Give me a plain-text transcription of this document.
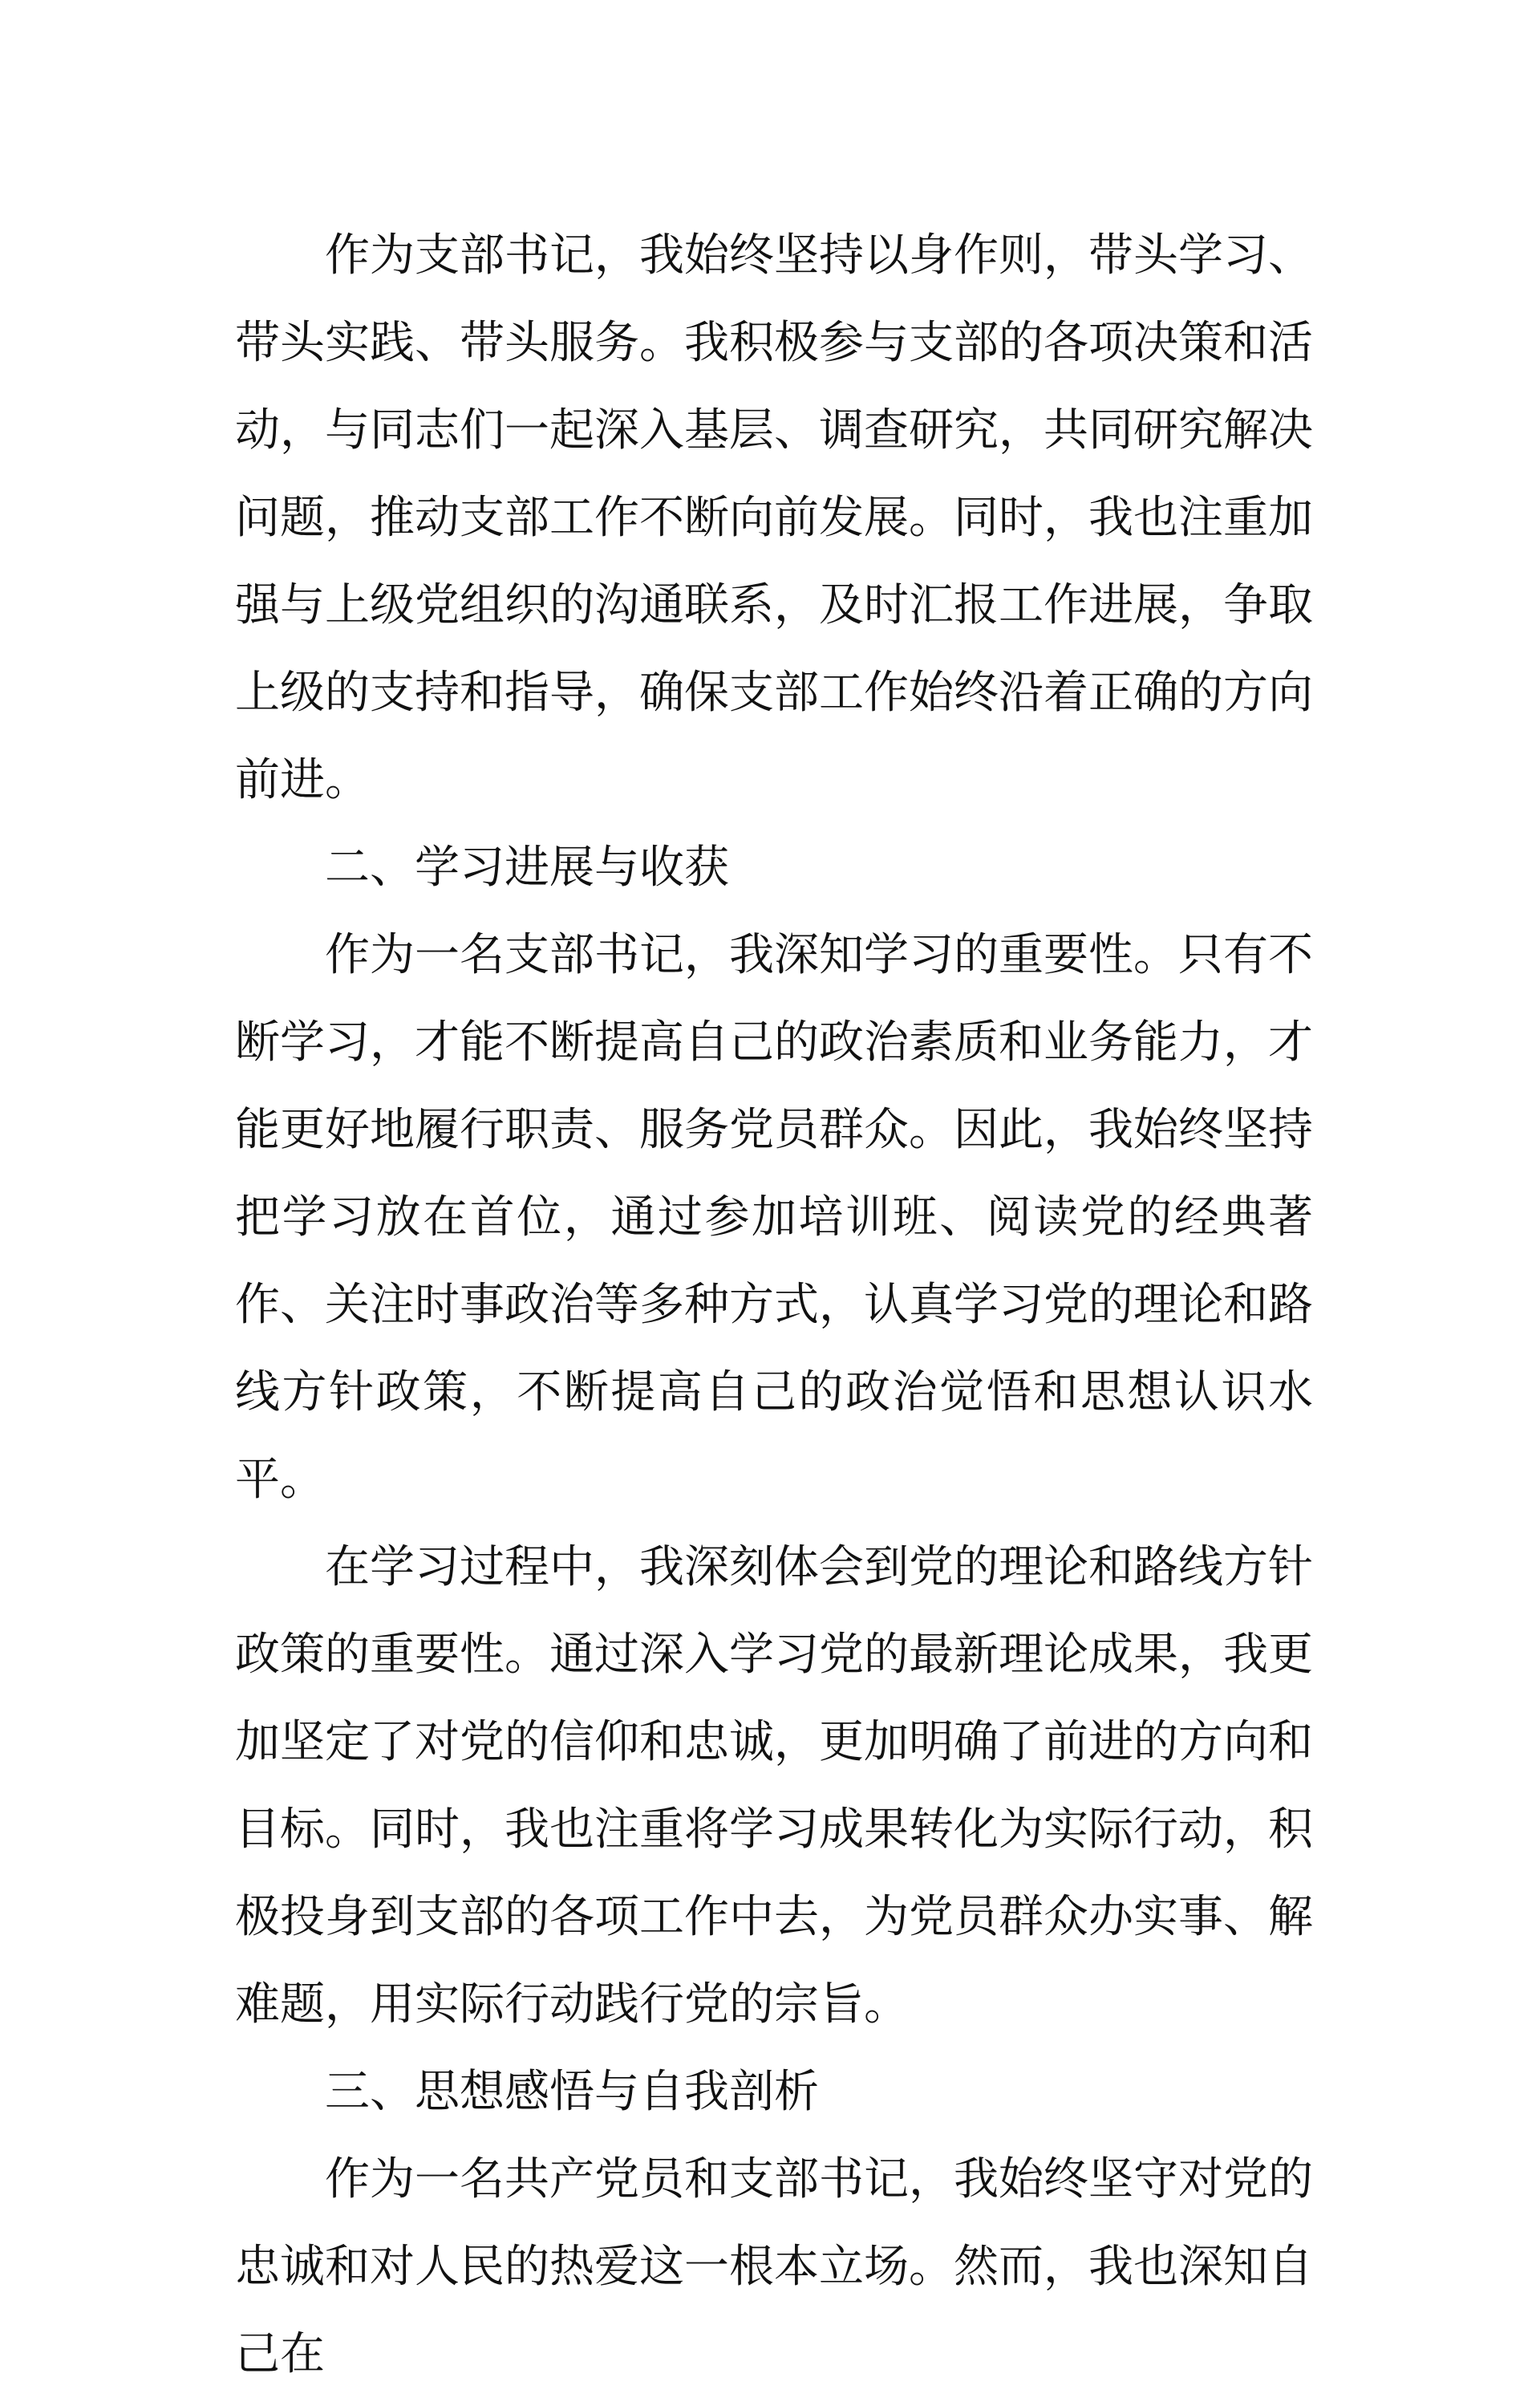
作为支部书记，我始终坚持以身作则，带头学习、带头实践、带头服务。我积极参与支部的各项决策和活动，与同志们一起深入基层、调查研究，共同研究解决问题，推动支部工作不断向前发展。同时，我也注重加强与上级党组织的沟通联系，及时汇报工作进展，争取上级的支持和指导，确保支部工作始终沿着正确的方向前进。

二、学习进展与收获

作为一名支部书记，我深知学习的重要性。只有不断学习，才能不断提高自己的政治素质和业务能力，才能更好地履行职责、服务党员群众。因此，我始终坚持把学习放在首位，通过参加培训班、阅读党的经典著作、关注时事政治等多种方式，认真学习党的理论和路线方针政策，不断提高自己的政治觉悟和思想认识水平。

在学习过程中，我深刻体会到党的理论和路线方针政策的重要性。通过深入学习党的最新理论成果，我更加坚定了对党的信仰和忠诚，更加明确了前进的方向和目标。同时，我也注重将学习成果转化为实际行动，积极投身到支部的各项工作中去，为党员群众办实事、解难题，用实际行动践行党的宗旨。

三、思想感悟与自我剖析

作为一名共产党员和支部书记，我始终坚守对党的忠诚和对人民的热爱这一根本立场。然而，我也深知自己在
